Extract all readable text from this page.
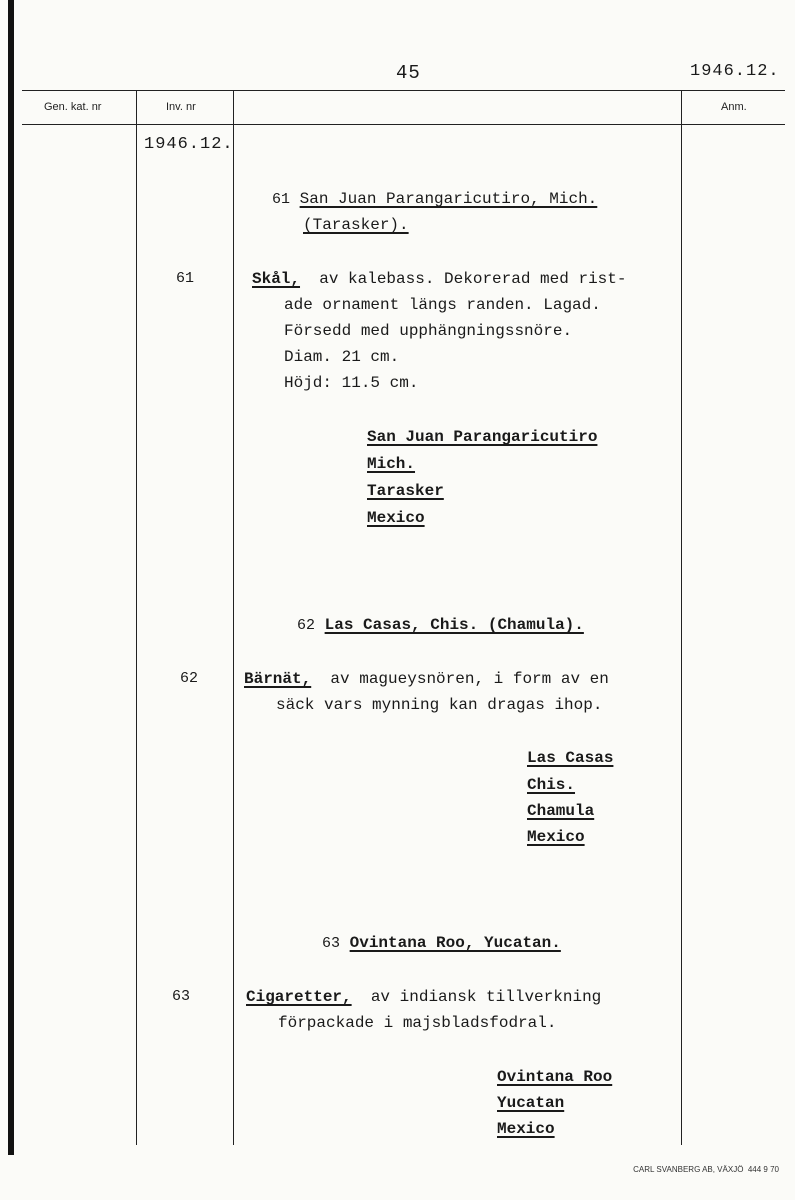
45	1946.12.
Gen. kat. nr	Inv. nr	Anm.
1946.12.
61 San Juan Parangaricutiro, Mich.
(Tarasker).
61	Skål,  av kalebass. Dekorerad med rist-
ade ornament längs randen. Lagad.
Försedd med upphängningssnöre.
Diam. 21 cm.
Höjd: 11.5 cm.
San Juan Parangaricutiro
Mich.
Tarasker
Mexico
62 Las Casas, Chis. (Chamula).
62	Bärnät,  av magueysnören, i form av en
säck vars mynning kan dragas ihop.
Las Casas
Chis.
Chamula
Mexico
63 Ovintana Roo, Yucatan.
63	Cigaretter,  av indiansk tillverkning
förpackade i majsbladsfodral.
Ovintana Roo
Yucatan
Mexico
CARL SVANBERG AB, VÄXJÖ  444 9 70
